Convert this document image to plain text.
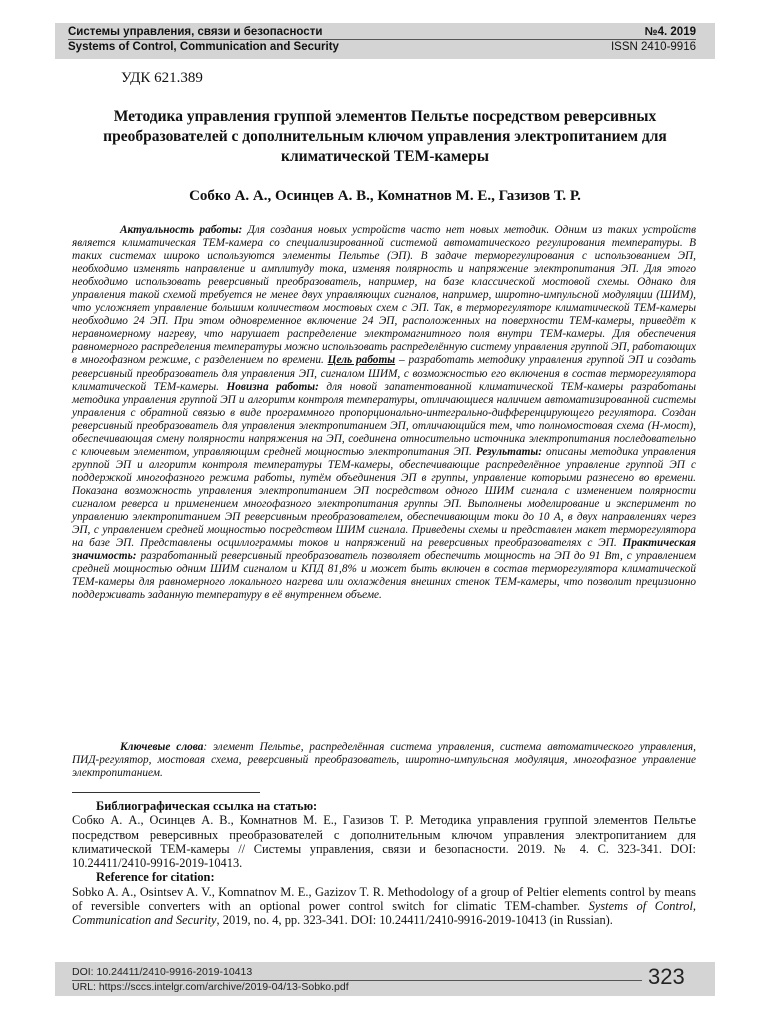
Системы управления, связи и безопасности	№4. 2019
Systems of Control, Communication and Security	ISSN 2410-9916
УДК 621.389
Методика управления группой элементов Пельтье посредством реверсивных преобразователей с дополнительным ключом управления электропитанием для климатической ТЕМ-камеры
Собко А. А., Осинцев А. В., Комнатнов М. Е., Газизов Т. Р.

Актуальность работы: Для создания новых устройств часто нет новых методик. Одним из таких устройств является климатическая ТЕМ-камера со специализированной системой автоматического регулирования температуры. В таких системах широко используются элементы Пельтье (ЭП). В задаче терморегулирования с использованием ЭП, необходимо изменять направление и амплитуду тока, изменяя полярность и напряжение электропитания ЭП. Для этого необходимо использовать реверсивный преобразователь, например, на базе классической мостовой схемы. Однако для управления такой схемой требуется не менее двух управляющих сигналов, например, широтно-импульсной модуляции (ШИМ), что усложняет управление большим количеством мостовых схем с ЭП. Так, в терморегуляторе климатической ТЕМ-камеры необходимо 24 ЭП. При этом одновременное включение 24 ЭП, расположенных на поверхности ТЕМ-камеры, приведёт к неравномерному нагреву, что нарушает распределение электромагнитного поля внутри ТЕМ-камеры. Для обеспечения равномерного распределения температуры можно использовать распределённую систему управления группой ЭП, работающих в многофазном режиме, с разделением по времени. Цель работы – разработать методику управления группой ЭП и создать реверсивный преобразователь для управления ЭП, сигналом ШИМ, с возможностью его включения в состав терморегулятора климатической ТЕМ-камеры. Новизна работы: для новой запатентованной климатической ТЕМ-камеры разработаны методика управления группой ЭП и алгоритм контроля температуры, отличающиеся наличием автоматизированной системы управления с обратной связью в виде программного пропорционально-интегрально-дифференцирующего регулятора. Создан реверсивный преобразователь для управления электропитанием ЭП, отличающийся тем, что полномостовая схема (Н-мост), обеспечивающая смену полярности напряжения на ЭП, соединена относительно источника электропитания последовательно с ключевым элементом, управляющим средней мощностью электропитания ЭП. Результаты: описаны методика управления группой ЭП и алгоритм контроля температуры ТЕМ-камеры, обеспечивающие распределённое управление группой ЭП с поддержкой многофазного режима работы, путём объединения ЭП в группы, управление которыми разнесено во времени. Показана возможность управления электропитанием ЭП посредством одного ШИМ сигнала с изменением полярности сигналом реверса и применением многофазного электропитания группы ЭП. Выполнены моделирование и эксперимент по управлению электропитанием ЭП реверсивным преобразователем, обеспечивающим токи до 10 А, в двух направлениях через ЭП, с управлением средней мощностью посредством ШИМ сигнала. Приведены схемы и представлен макет терморегулятора на базе ЭП. Представлены осциллограммы токов и напряжений на реверсивных преобразователях с ЭП. Практическая значимость: разработанный реверсивный преобразователь позволяет обеспечить мощность на ЭП до 91 Вт, с управлением средней мощностью одним ШИМ сигналом и КПД 81,8% и может быть включен в состав терморегулятора климатической ТЕМ-камеры для равномерного локального нагрева или охлаждения внешних стенок ТЕМ-камеры, что позволит прецизионно поддерживать заданную температуру в её внутреннем объеме.

Ключевые слова: элемент Пельтье, распределённая система управления, система автоматического управления, ПИД-регулятор, мостовая схема, реверсивный преобразователь, широтно-импульсная модуляция, многофазное управление электропитанием.

Библиографическая ссылка на статью:

Собко А. А., Осинцев А. В., Комнатнов М. Е., Газизов Т. Р. Методика управления группой элементов Пельтье посредством реверсивных преобразователей с дополнительным ключом управления электропитанием для климатической ТЕМ-камеры // Системы управления, связи и безопасности. 2019. № 4. С. 323-341. DOI: 10.24411/2410-9916-2019-10413.

Reference for citation:

Sobko A. A., Osintsev A. V., Komnatnov M. E., Gazizov T. R. Methodology of a group of Peltier elements control by means of reversible converters with an optional power control switch for climatic TEM-chamber. Systems of Control, Communication and Security, 2019, no. 4, pp. 323-341. DOI: 10.24411/2410-9916-2019-10413 (in Russian).

DOI: 10.24411/2410-9916-2019-10413
URL: https://sccs.intelgr.com/archive/2019-04/13-Sobko.pdf	323
